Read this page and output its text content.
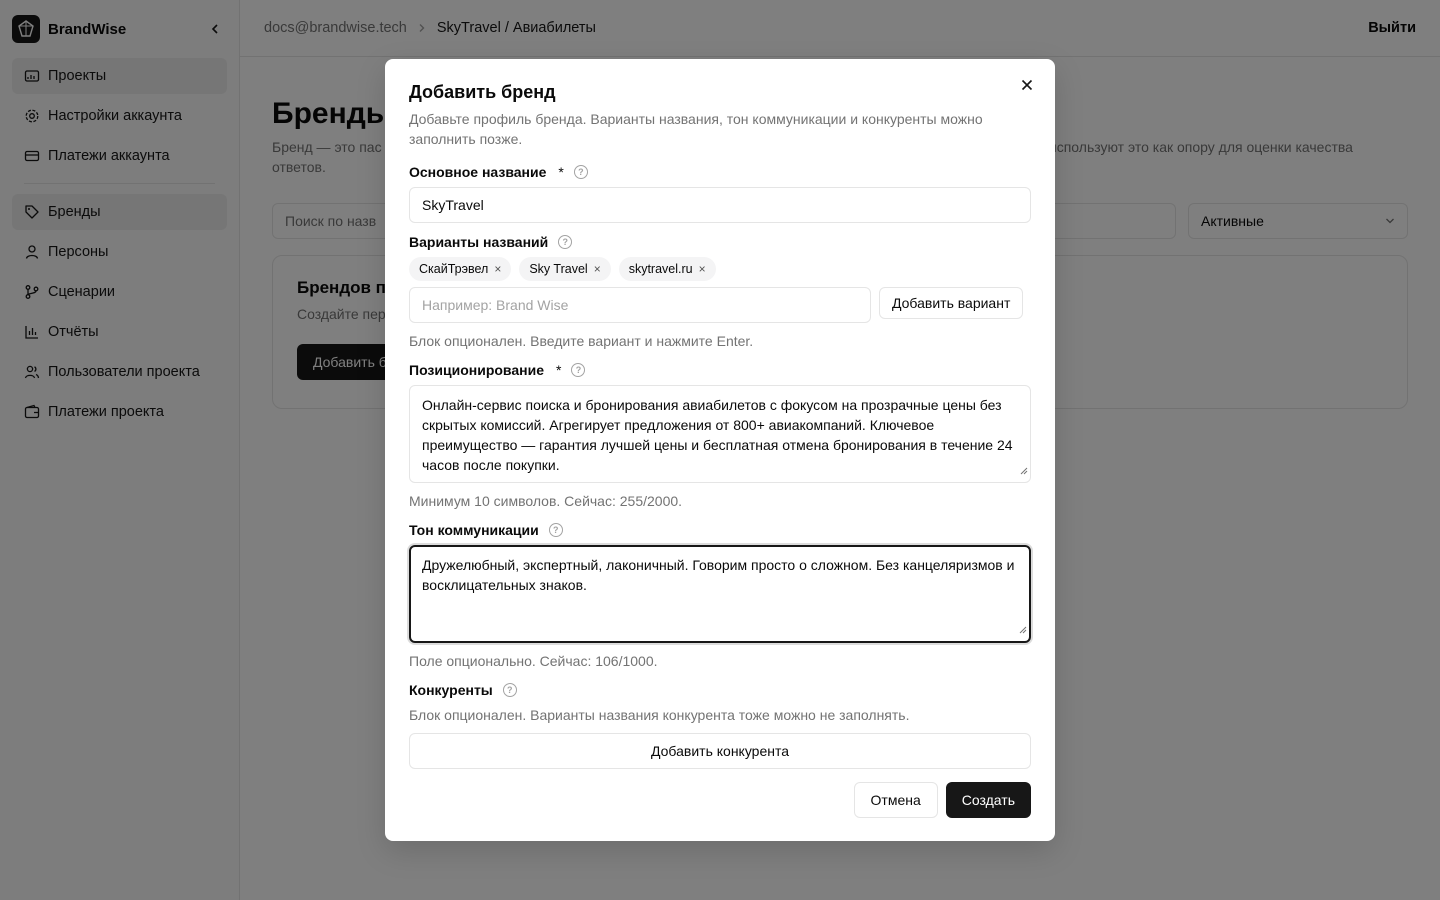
Добавить бренд

Добавьте профиль бренда. Варианты названия, тон коммуникации и конкуренты можно заполнить позже.

Основное название *	?
SkyTravel
Варианты названий	?
СкайТрэвел × Sky Travel × skytravel.ru ×
Например: Brand Wise	Добавить вариант
Блок опционален. Введите вариант и нажмите Enter.
Позиционирование *	?
Онлайн-сервис поиска и бронирования авиабилетов с фокусом на прозрачные цены без скрытых комиссий. Агрегирует предложения от 800+ авиакомпаний. Ключевое преимущество — гарантия лучшей цены и бесплатная отмена бронирования в течение 24 часов после покупки.
Минимум 10 символов. Сейчас: 255/2000.
Тон коммуникации	?
Дружелюбный, экспертный, лаконичный. Говорим просто о сложном. Без канцеляризмов и восклицательных знаков.
Поле опционально. Сейчас: 106/1000.
Конкуренты	?
Блок опционален. Варианты названия конкурента тоже можно не заполнять.
Добавить конкурента
Отмена	Создать
